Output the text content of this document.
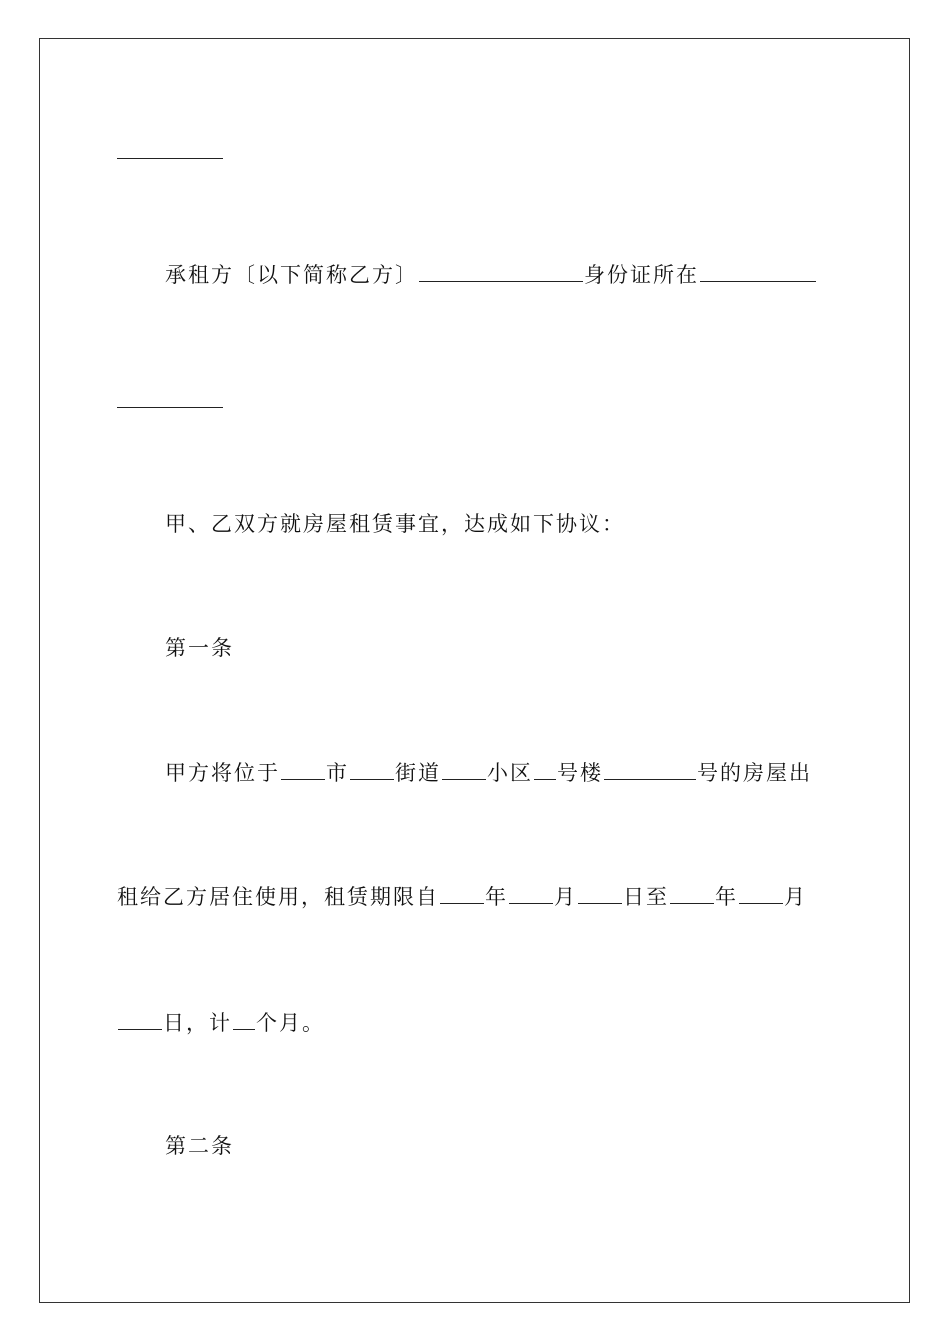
承租方〔以下简称乙方〕	身份证所在
甲、乙双方就房屋租赁事宜，达成如下协议：
第一条
甲方将位于 市 街道 小区 号楼	号的房屋出
租给乙方居住使用，租赁期限自 年 月 日至 年 月
日，计 个月。
第二条
